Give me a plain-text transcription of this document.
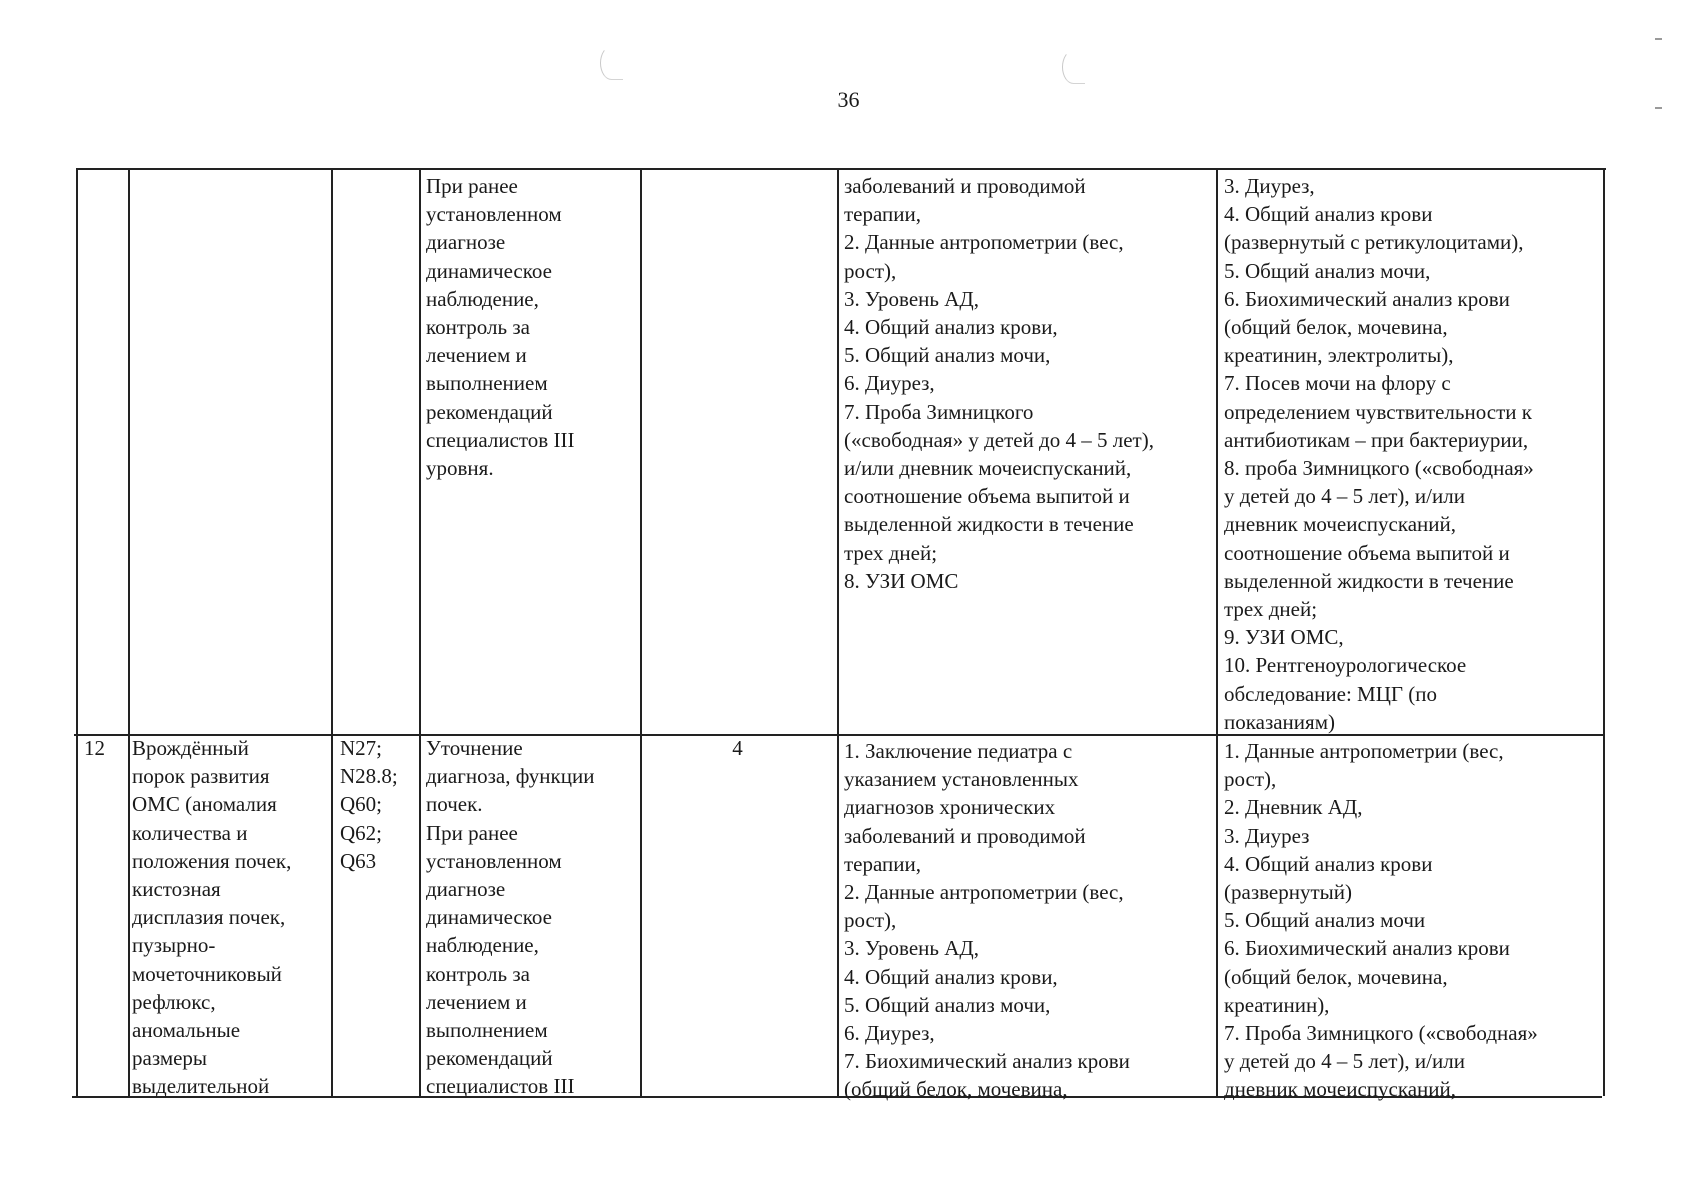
36

При ранее
установленном
диагнозе
динамическое
наблюдение,
контроль за
лечением и
выполнением
рекомендаций
специалистов III
уровня.

заболеваний и проводимой
терапии,
2. Данные антропометрии (вес,
рост),
3. Уровень АД,
4. Общий анализ крови,
5. Общий анализ мочи,
6. Диурез,
7. Проба Зимницкого
(«свободная» у детей до 4 – 5 лет),
и/или дневник мочеиспусканий,
соотношение объема выпитой и
выделенной жидкости в течение
трех дней;
8. УЗИ ОМС

3. Диурез,
4. Общий анализ крови
(развернутый с ретикулоцитами),
5. Общий анализ мочи,
6. Биохимический анализ крови
(общий белок, мочевина,
креатинин, электролиты),
7. Посев мочи на флору с
определением чувствительности к
антибиотикам – при бактериурии,
8. проба Зимницкого («свободная»
у детей до 4 – 5 лет), и/или
дневник мочеиспусканий,
соотношение объема выпитой и
выделенной жидкости в течение
трех дней;
9. УЗИ ОМС,
10. Рентгеноурологическое
обследование: МЦГ (по
показаниям)

12	Врождённый
порок развития
ОМС (аномалия
количества и
положения почек,
кистозная
дисплазия почек,
пузырно-
мочеточниковый
рефлюкс,
аномальные
размеры
выделительной

N27;
N28.8;
Q60;
Q62;
Q63

Уточнение
диагноза, функции
почек.
При ранее
установленном
диагнозе
динамическое
наблюдение,
контроль за
лечением и
выполнением
рекомендаций
специалистов III

4	1. Заключение педиатра с
указанием установленных
диагнозов хронических
заболеваний и проводимой
терапии,
2. Данные антропометрии (вес,
рост),
3. Уровень АД,
4. Общий анализ крови,
5. Общий анализ мочи,
6. Диурез,
7. Биохимический анализ крови
(общий белок, мочевина,

1. Данные антропометрии (вес,
рост),
2. Дневник АД,
3. Диурез
4. Общий анализ крови
(развернутый)
5. Общий анализ мочи
6. Биохимический анализ крови
(общий белок, мочевина,
креатинин),
7. Проба Зимницкого («свободная»
у детей до 4 – 5 лет), и/или
дневник мочеиспусканий,
